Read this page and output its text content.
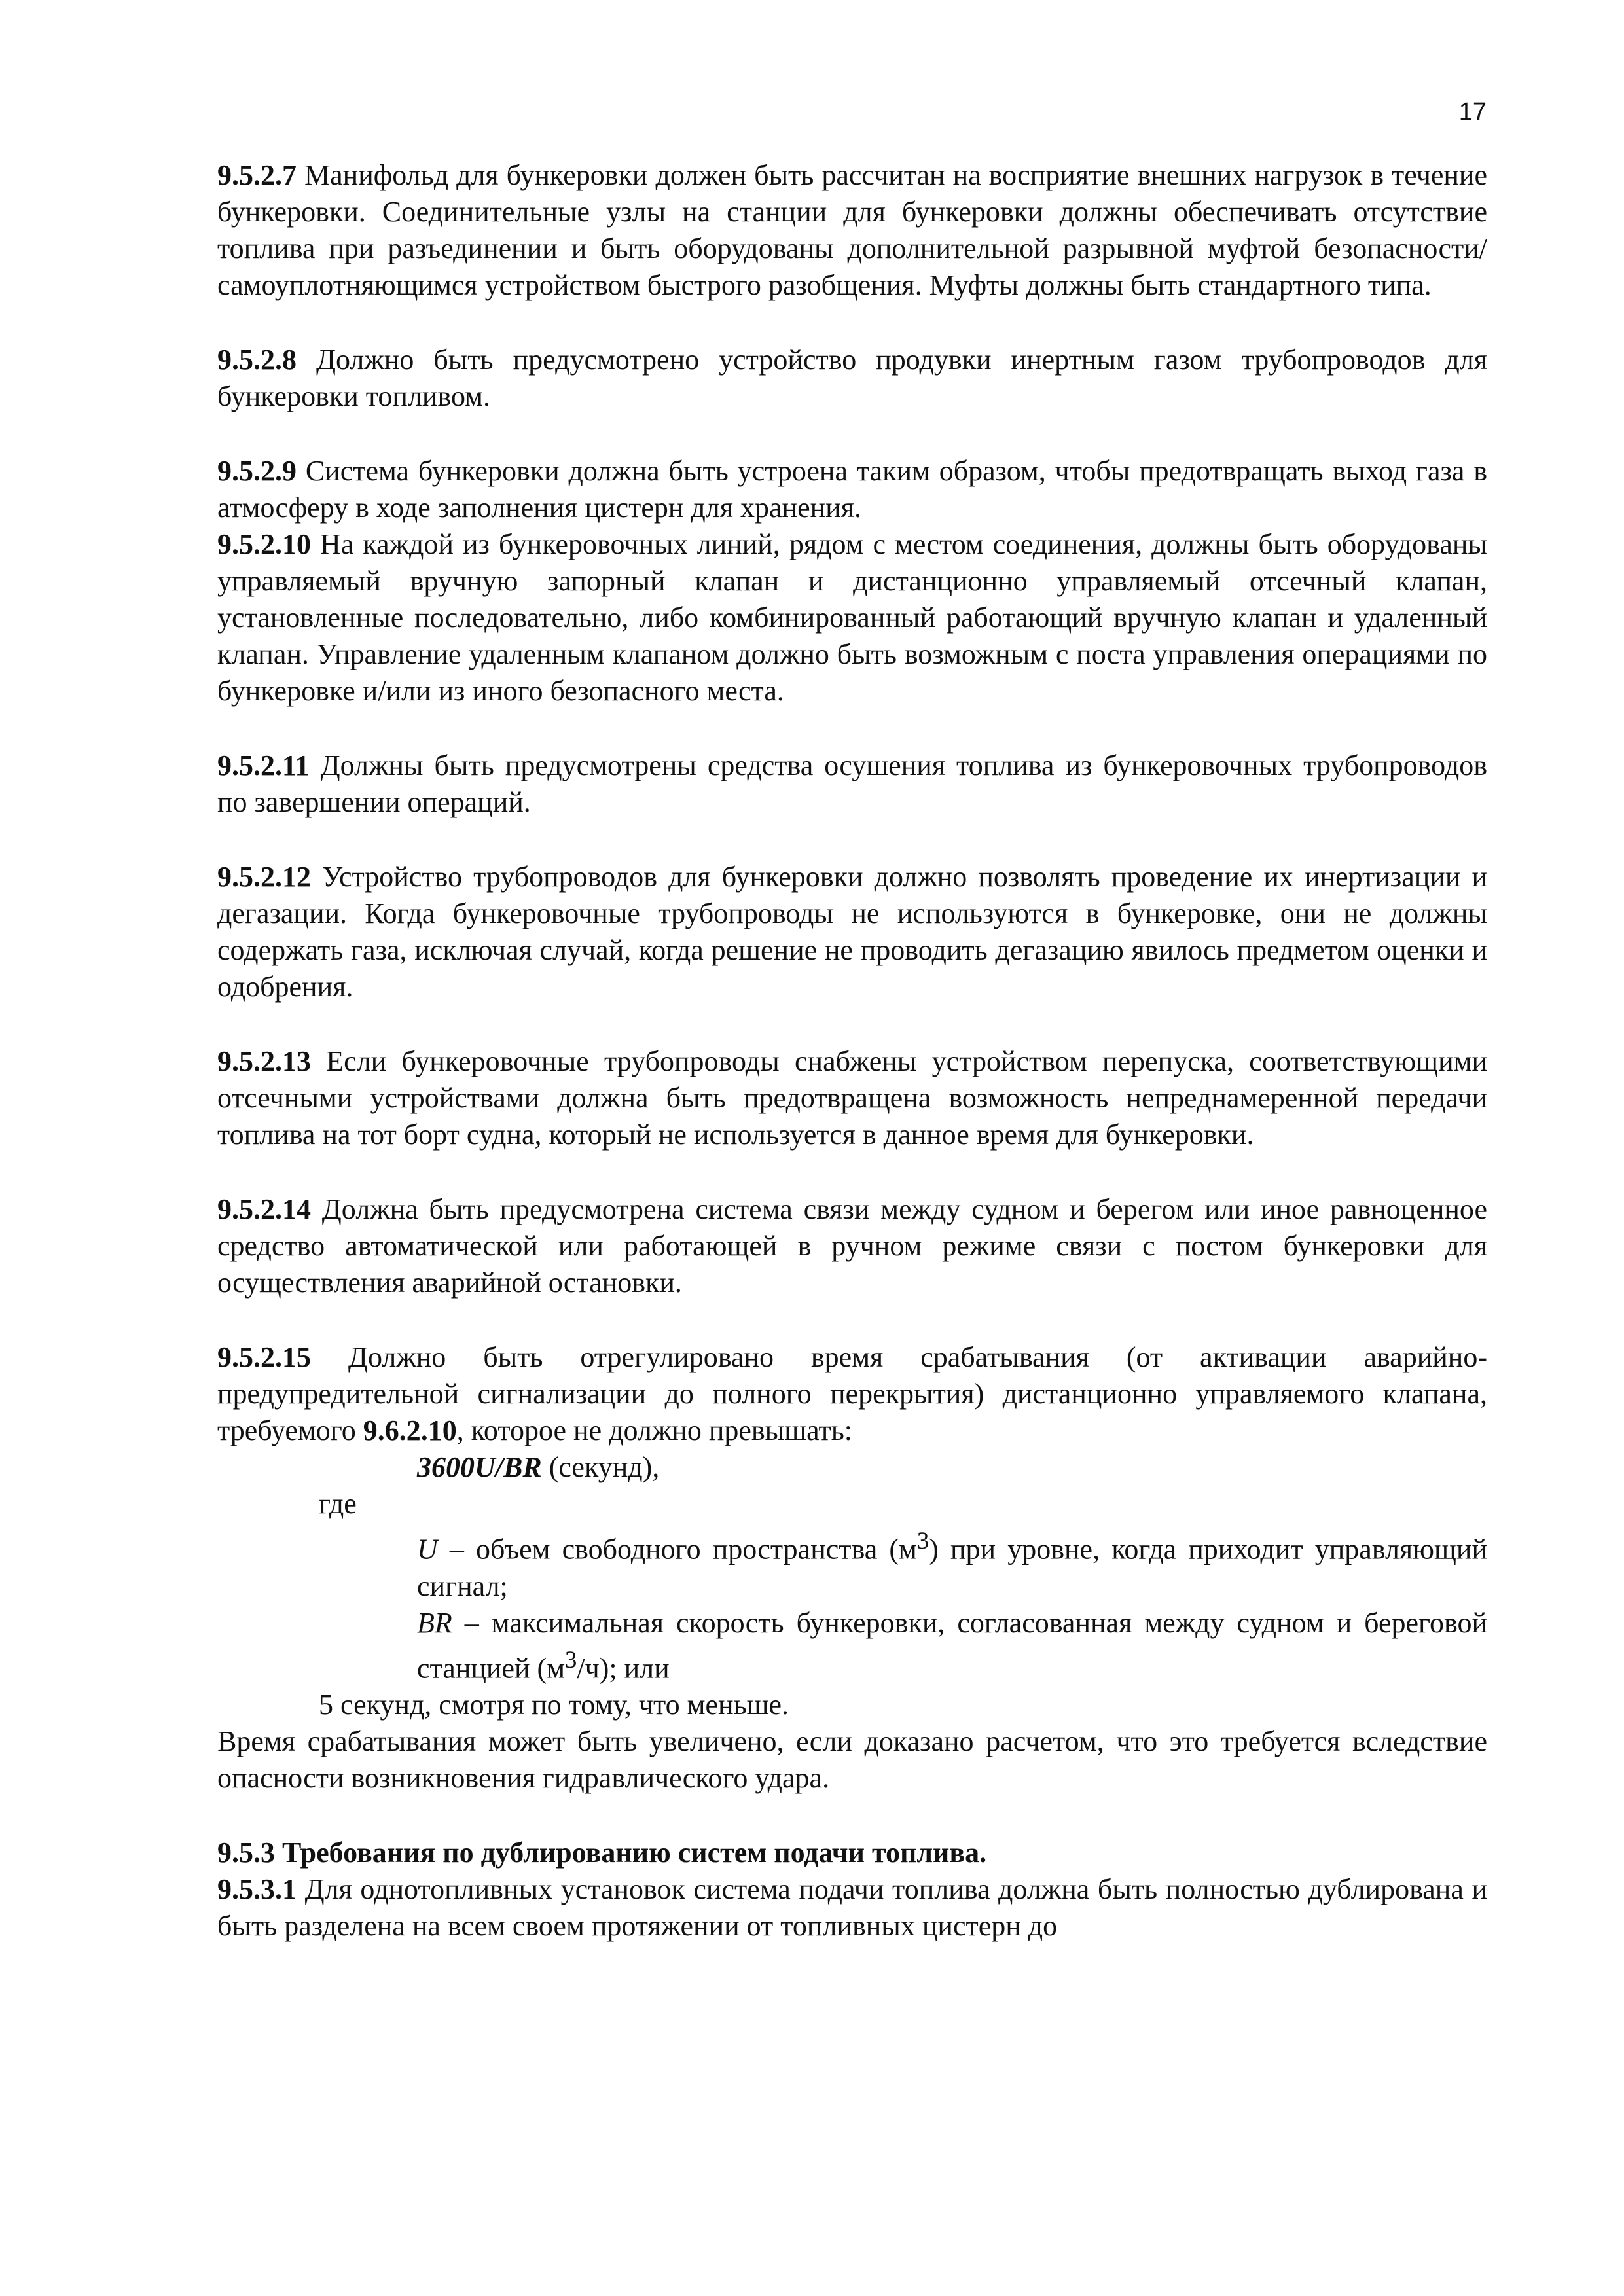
17

9.5.2.7 Манифольд для бункеровки должен быть рассчитан на восприятие внешних нагрузок в течение бункеровки. Соединительные узлы на станции для бункеровки должны обеспечивать отсутствие топлива при разъединении и быть оборудованы дополнительной разрывной муфтой безопасности/самоуплотняющимся устройством быстрого разобщения. Муфты должны быть стандартного типа.

9.5.2.8 Должно быть предусмотрено устройство продувки инертным газом трубопроводов для бункеровки топливом.

9.5.2.9 Система бункеровки должна быть устроена таким образом, чтобы предотвращать выход газа в атмосферу в ходе заполнения цистерн для хранения.

9.5.2.10 На каждой из бункеровочных линий, рядом с местом соединения, должны быть оборудованы управляемый вручную запорный клапан и дистанционно управляемый отсечный клапан, установленные последовательно, либо комбинированный работающий вручную клапан и удаленный клапан. Управление удаленным клапаном должно быть возможным с поста управления операциями по бункеровке и/или из иного безопасного места.

9.5.2.11 Должны быть предусмотрены средства осушения топлива из бункеровочных трубопроводов по завершении операций.

9.5.2.12 Устройство трубопроводов для бункеровки должно позволять проведение их инертизации и дегазации. Когда бункеровочные трубопроводы не используются в бункеровке, они не должны содержать газа, исключая случай, когда решение не проводить дегазацию явилось предметом оценки и одобрения.

9.5.2.13 Если бункеровочные трубопроводы снабжены устройством перепуска, соответствующими отсечными устройствами должна быть предотвращена возможность непреднамеренной передачи топлива на тот борт судна, который не используется в данное время для бункеровки.

9.5.2.14 Должна быть предусмотрена система связи между судном и берегом или иное равноценное средство автоматической или работающей в ручном режиме связи с постом бункеровки для осуществления аварийной остановки.

9.5.2.15 Должно быть отрегулировано время срабатывания (от активации аварийно-предупредительной сигнализации до полного перекрытия) дистанционно управляемого клапана, требуемого 9.6.2.10, которое не должно превышать:

3600U/BR (секунд),
где
U – объем свободного пространства $(м^3)$ при уровне, когда приходит управляющий сигнал;
BR – максимальная скорость бункеровки, согласованная между судном и береговой станцией $(м^3/ч)$; или
5 секунд, смотря по тому, что меньше.

Время срабатывания может быть увеличено, если доказано расчетом, что это требуется вследствие опасности возникновения гидравлического удара.

9.5.3 Требования по дублированию систем подачи топлива.

9.5.3.1 Для однотопливных установок система подачи топлива должна быть полностью дублирована и быть разделена на всем своем протяжении от топливных цистерн до
